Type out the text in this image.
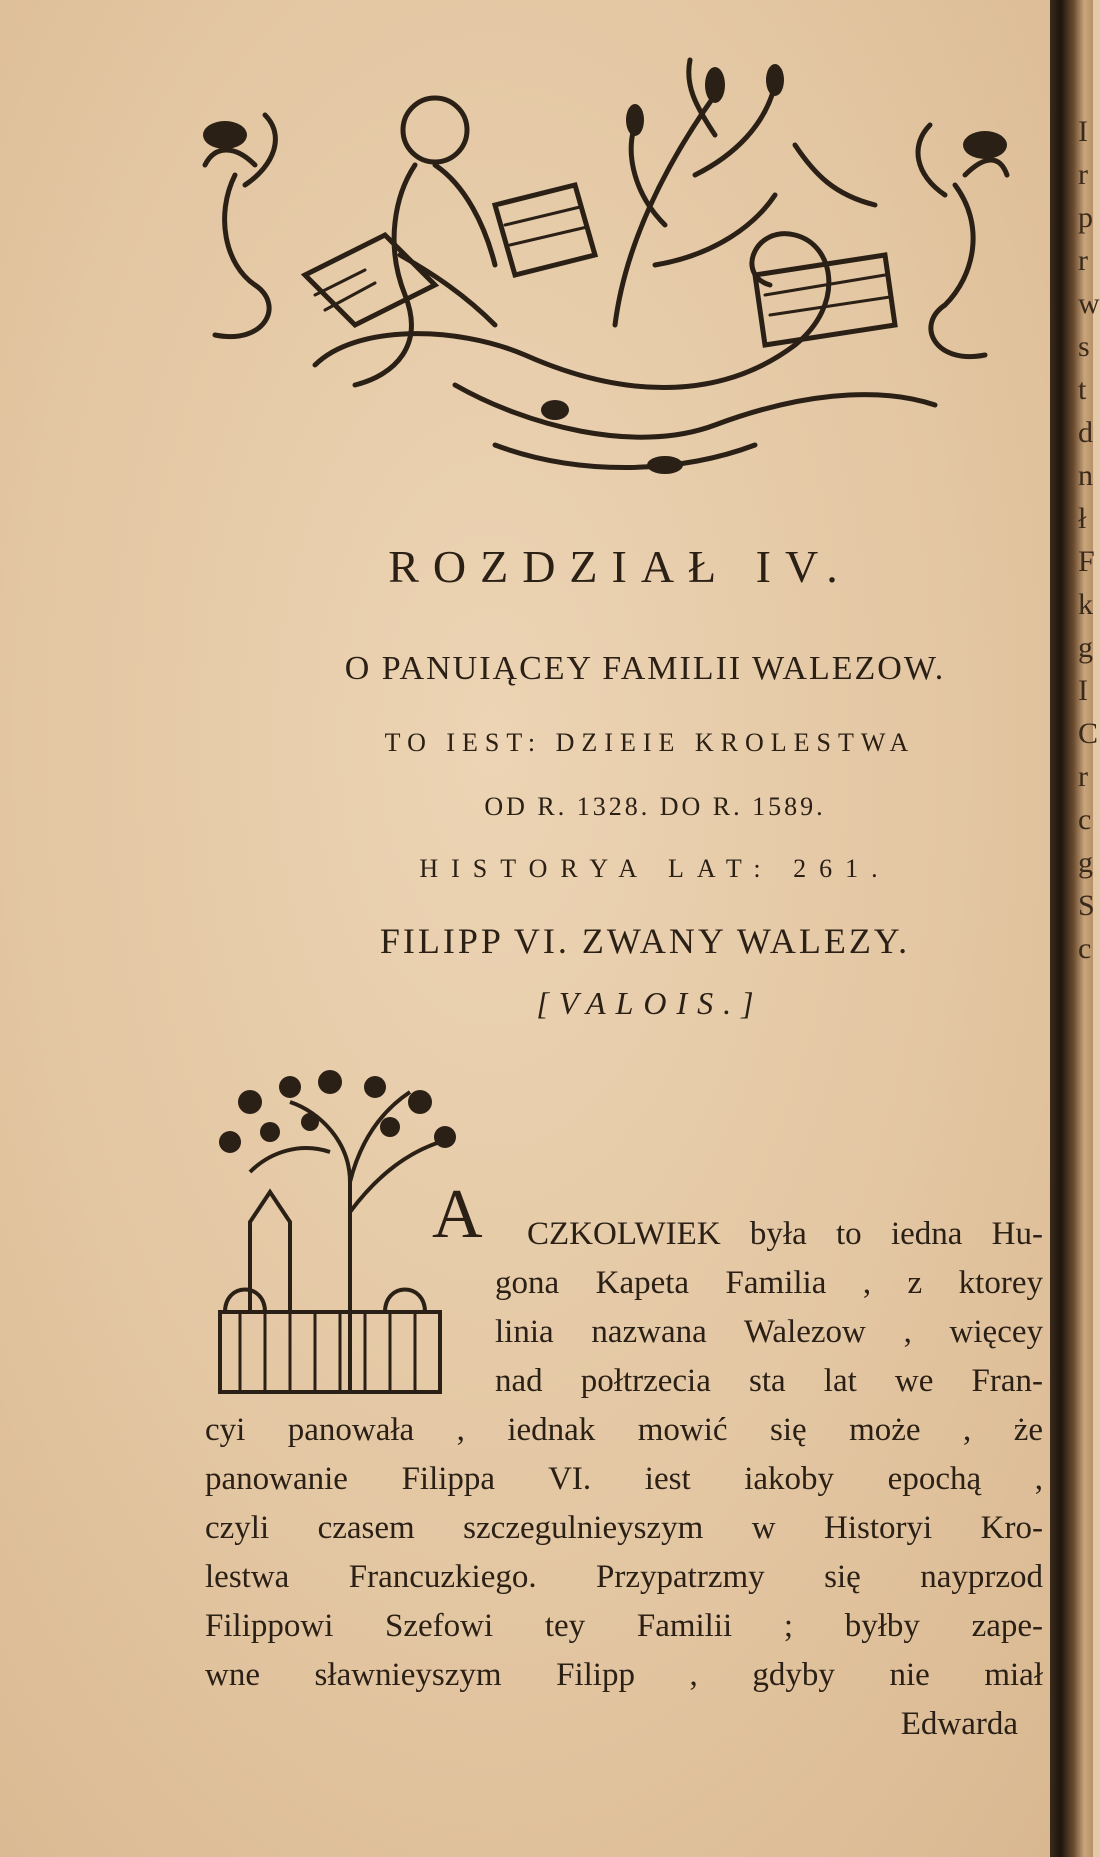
ROZDZIAŁ IV.
O PANUIĄCEY FAMILII WALEZOW.
TO IEST: DZIEIE KROLESTWA
OD R. 1328. DO R. 1589.
HISTORYA LAT: 261.
FILIPP VI. ZWANY WALEZY.
[VALOIS.]
A	CZKOLWIEK była to iedna Hu-
gona Kapeta Familia , z ktorey
linia nazwana Walezow , więcey
nad połtrzecia sta lat we Fran-
cyi panowała , iednak mowić się może , że
panowanie Filippa VI. iest iakoby epochą ,
czyli czasem szczegulnieyszym w Historyi Kro-
lestwa Francuzkiego. Przypatrzmy się nayprzod
Filippowi Szefowi tey Familii ; byłby zape-
wne sławnieyszym Filipp , gdyby nie miał
Edwarda
I
r
p
r
w
s
t
d
n
ł
F
k
g
I
C
r
c
g
S
c
